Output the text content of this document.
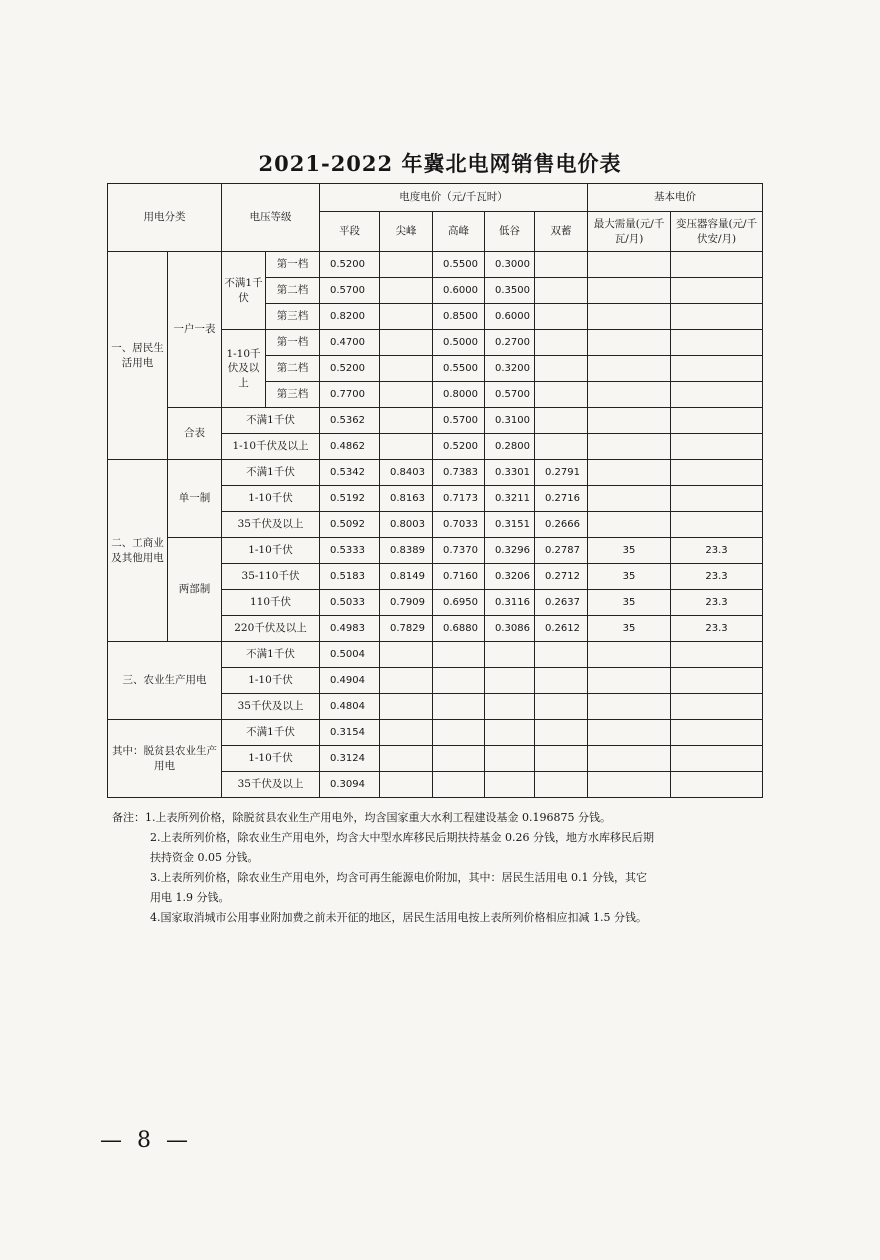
2021-2022 年冀北电网销售电价表
用电分类		电压等级		电度电价（元/千瓦时）					基本电价	
				平段	尖峰	高峰	低谷	双蓄	最大需量(元/千瓦/月)	变压器容量(元/千伏安/月)
一、居民生活用电	一户一表	不满1千伏	第一档	0.5200		0.5500	0.3000			
			第二档	0.5700		0.6000	0.3500			
			第三档	0.8200		0.8500	0.6000			
		1-10千伏及以上	第一档	0.4700		0.5000	0.2700			
			第二档	0.5200		0.5500	0.3200			
			第三档	0.7700		0.8000	0.5700			
	合表	不满1千伏		0.5362		0.5700	0.3100			
		1-10千伏及以上		0.4862		0.5200	0.2800			
二、工商业及其他用电	单一制	不满1千伏		0.5342	0.8403	0.7383	0.3301	0.2791		
		1-10千伏		0.5192	0.8163	0.7173	0.3211	0.2716		
		35千伏及以上		0.5092	0.8003	0.7033	0.3151	0.2666		
	两部制	1-10千伏		0.5333	0.8389	0.7370	0.3296	0.2787	35	23.3
		35-110千伏		0.5183	0.8149	0.7160	0.3206	0.2712	35	23.3
		110千伏		0.5033	0.7909	0.6950	0.3116	0.2637	35	23.3
		220千伏及以上		0.4983	0.7829	0.6880	0.3086	0.2612	35	23.3
三、农业生产用电		不满1千伏		0.5004						
		1-10千伏		0.4904						
		35千伏及以上		0.4804						
其中：脱贫县农业生产用电		不满1千伏		0.3154						
		1-10千伏		0.3124						
		35千伏及以上		0.3094						
备注：1.上表所列价格，除脱贫县农业生产用电外，均含国家重大水利工程建设基金 0.196875 分钱。
2.上表所列价格，除农业生产用电外，均含大中型水库移民后期扶持基金 0.26 分钱，地方水库移民后期
扶持资金 0.05 分钱。
3.上表所列价格，除农业生产用电外，均含可再生能源电价附加，其中：居民生活用电 0.1 分钱，其它
用电 1.9 分钱。
4.国家取消城市公用事业附加费之前未开征的地区，居民生活用电按上表所列价格相应扣减 1.5 分钱。
— 8 —
